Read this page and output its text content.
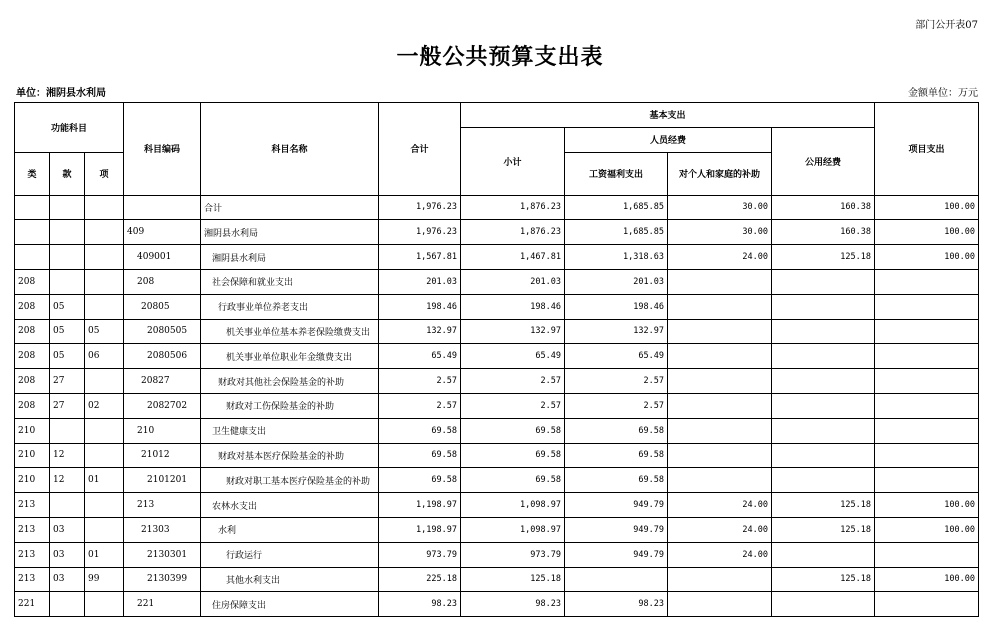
部门公开表07
一般公共预算支出表
单位：湘阴县水利局	金额单位：万元
功能科目			科目编码	科目名称	合计	基本支出				项目支出
						小计	人员经费		公用经费	
类	款	项					工资福利支出	对个人和家庭的补助		
				合计	1,976.23	1,876.23	1,685.85	30.00	160.38	100.00
			409	湘阴县水利局	1,976.23	1,876.23	1,685.85	30.00	160.38	100.00
			409001	湘阴县水利局	1,567.81	1,467.81	1,318.63	24.00	125.18	100.00
208			208	社会保障和就业支出	201.03	201.03	201.03			
208	05		20805	行政事业单位养老支出	198.46	198.46	198.46			
208	05	05	2080505	机关事业单位基本养老保险缴费支出	132.97	132.97	132.97			
208	05	06	2080506	机关事业单位职业年金缴费支出	65.49	65.49	65.49			
208	27		20827	财政对其他社会保险基金的补助	2.57	2.57	2.57			
208	27	02	2082702	财政对工伤保险基金的补助	2.57	2.57	2.57			
210			210	卫生健康支出	69.58	69.58	69.58			
210	12		21012	财政对基本医疗保险基金的补助	69.58	69.58	69.58			
210	12	01	2101201	财政对职工基本医疗保险基金的补助	69.58	69.58	69.58			
213			213	农林水支出	1,198.97	1,098.97	949.79	24.00	125.18	100.00
213	03		21303	水利	1,198.97	1,098.97	949.79	24.00	125.18	100.00
213	03	01	2130301	行政运行	973.79	973.79	949.79	24.00		
213	03	99	2130399	其他水利支出	225.18	125.18			125.18	100.00
221			221	住房保障支出	98.23	98.23	98.23			
